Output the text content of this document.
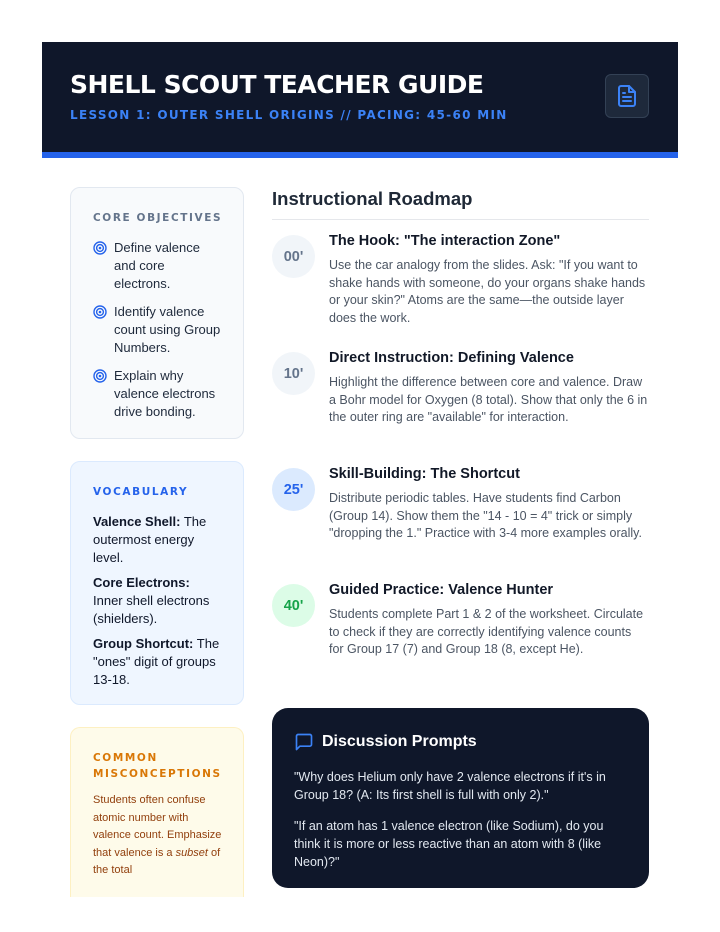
SHELL SCOUT TEACHER GUIDE
LESSON 1: OUTER SHELL ORIGINS // PACING: 45-60 MIN
CORE OBJECTIVES
Define valence and core electrons.
Identify valence count using Group Numbers.
Explain why valence electrons drive bonding.
VOCABULARY
Valence Shell: The outermost energy level.
Core Electrons: Inner shell electrons (shielders).
Group Shortcut: The "ones" digit of groups 13-18.
COMMON MISCONCEPTIONS
Students often confuse atomic number with valence count. Emphasize that valence is a subset of the total
Instructional Roadmap
00'
The Hook: "The interaction Zone"
Use the car analogy from the slides. Ask: "If you want to shake hands with someone, do your organs shake hands or your skin?" Atoms are the same—the outside layer does the work.
10'
Direct Instruction: Defining Valence
Highlight the difference between core and valence. Draw a Bohr model for Oxygen (8 total). Show that only the 6 in the outer ring are "available" for interaction.
25'
Skill-Building: The Shortcut
Distribute periodic tables. Have students find Carbon (Group 14). Show them the "14 - 10 = 4" trick or simply "dropping the 1." Practice with 3-4 more examples orally.
40'
Guided Practice: Valence Hunter
Students complete Part 1 & 2 of the worksheet. Circulate to check if they are correctly identifying valence counts for Group 17 (7) and Group 18 (8, except He).
Discussion Prompts
"Why does Helium only have 2 valence electrons if it's in Group 18? (A: Its first shell is full with only 2)."
"If an atom has 1 valence electron (like Sodium), do you think it is more or less reactive than an atom with 8 (like Neon)?"
